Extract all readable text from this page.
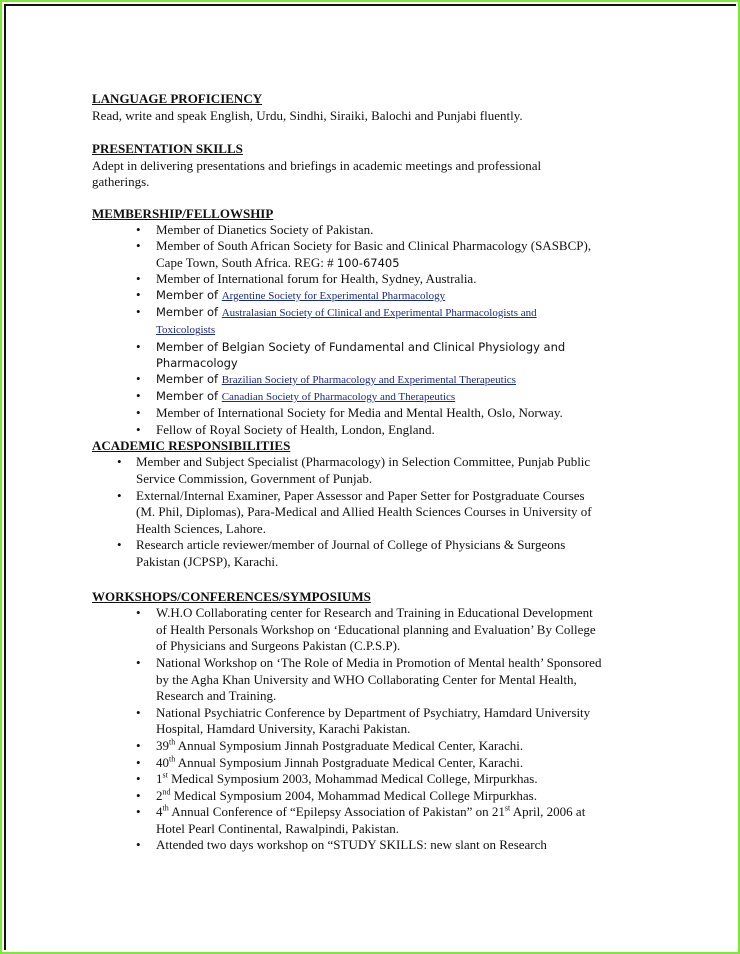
LANGUAGE PROFICIENCY
Read, write and speak English, Urdu, Sindhi, Siraiki, Balochi and Punjabi fluently.
PRESENTATION SKILLS
Adept in delivering presentations and briefings in academic meetings and professional
gatherings.
MEMBERSHIP/FELLOWSHIP
• Member of Dianetics Society of Pakistan.
• Member of South African Society for Basic and Clinical Pharmacology (SASBCP),
Cape Town, South Africa. REG: # 100-67405
• Member of International forum for Health, Sydney, Australia.
• Member of Argentine Society for Experimental Pharmacology
• Member of Australasian Society of Clinical and Experimental Pharmacologists and
Toxicologists
• Member of Belgian Society of Fundamental and Clinical Physiology and
Pharmacology
• Member of Brazilian Society of Pharmacology and Experimental Therapeutics
• Member of Canadian Society of Pharmacology and Therapeutics
• Member of International Society for Media and Mental Health, Oslo, Norway.
• Fellow of Royal Society of Health, London, England.
ACADEMIC RESPONSIBILITIES
• Member and Subject Specialist (Pharmacology) in Selection Committee, Punjab Public
Service Commission, Government of Punjab.
• External/Internal Examiner, Paper Assessor and Paper Setter for Postgraduate Courses
(M. Phil, Diplomas), Para-Medical and Allied Health Sciences Courses in University of
Health Sciences, Lahore.
• Research article reviewer/member of Journal of College of Physicians & Surgeons
Pakistan (JCPSP), Karachi.
WORKSHOPS/CONFERENCES/SYMPOSIUMS
• W.H.O Collaborating center for Research and Training in Educational Development
of Health Personals Workshop on ‘Educational planning and Evaluation’ By College
of Physicians and Surgeons Pakistan (C.P.S.P).
• National Workshop on ‘The Role of Media in Promotion of Mental health’ Sponsored
by the Agha Khan University and WHO Collaborating Center for Mental Health,
Research and Training.
• National Psychiatric Conference by Department of Psychiatry, Hamdard University
Hospital, Hamdard University, Karachi Pakistan.
• 39th Annual Symposium Jinnah Postgraduate Medical Center, Karachi.
• 40th Annual Symposium Jinnah Postgraduate Medical Center, Karachi.
• 1st Medical Symposium 2003, Mohammad Medical College, Mirpurkhas.
• 2nd Medical Symposium 2004, Mohammad Medical College Mirpurkhas.
• 4th Annual Conference of “Epilepsy Association of Pakistan” on 21st April, 2006 at
Hotel Pearl Continental, Rawalpindi, Pakistan.
• Attended two days workshop on “STUDY SKILLS: new slant on Research
